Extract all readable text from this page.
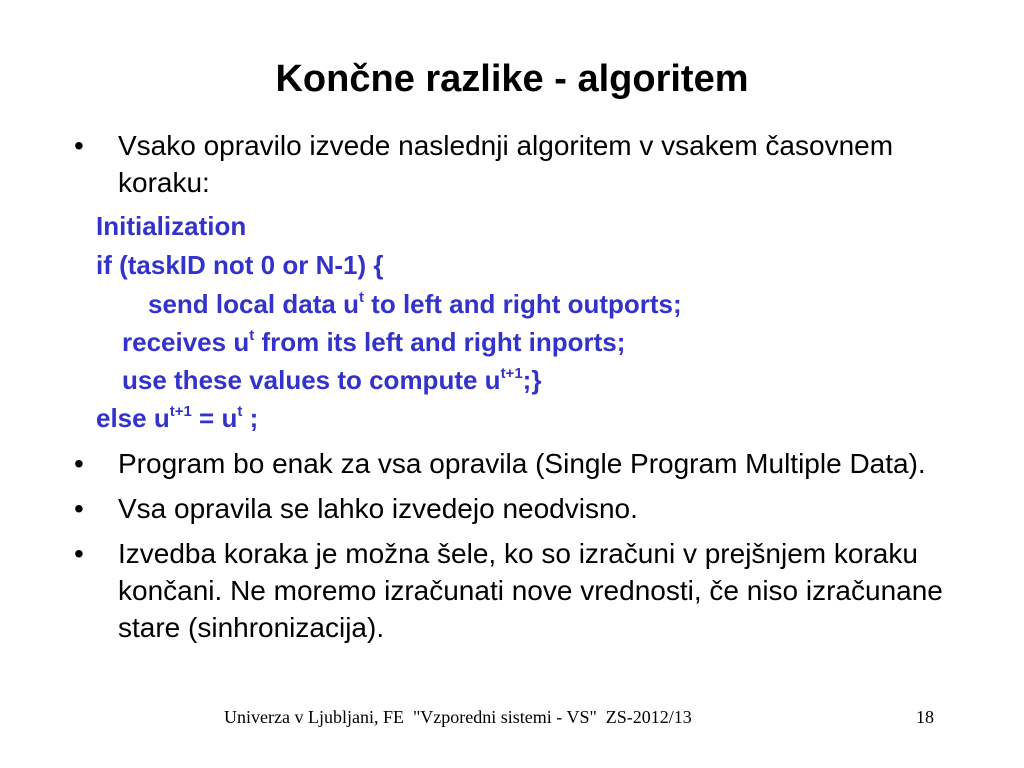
Končne razlike - algoritem
•	Vsako opravilo izvede naslednji algoritem v vsakem časovnem koraku:
Initialization
if (taskID not 0 or N-1) {
send local data $u^t$ to left and right outports;
receives $u^t$ from its left and right inports;
use these values to compute $u^{t+1}$;}
else $u^{t+1} = u^t$ ;
•	Program bo enak za vsa opravila (Single Program Multiple Data).
•	Vsa opravila se lahko izvedejo neodvisno.
•	Izvedba koraka je možna šele, ko so izračuni v prejšnjem koraku končani. Ne moremo izračunati nove vrednosti, če niso izračunane stare (sinhronizacija).
Univerza v Ljubljani, FE  "Vzporedni sistemi - VS"  ZS-2012/13	18
